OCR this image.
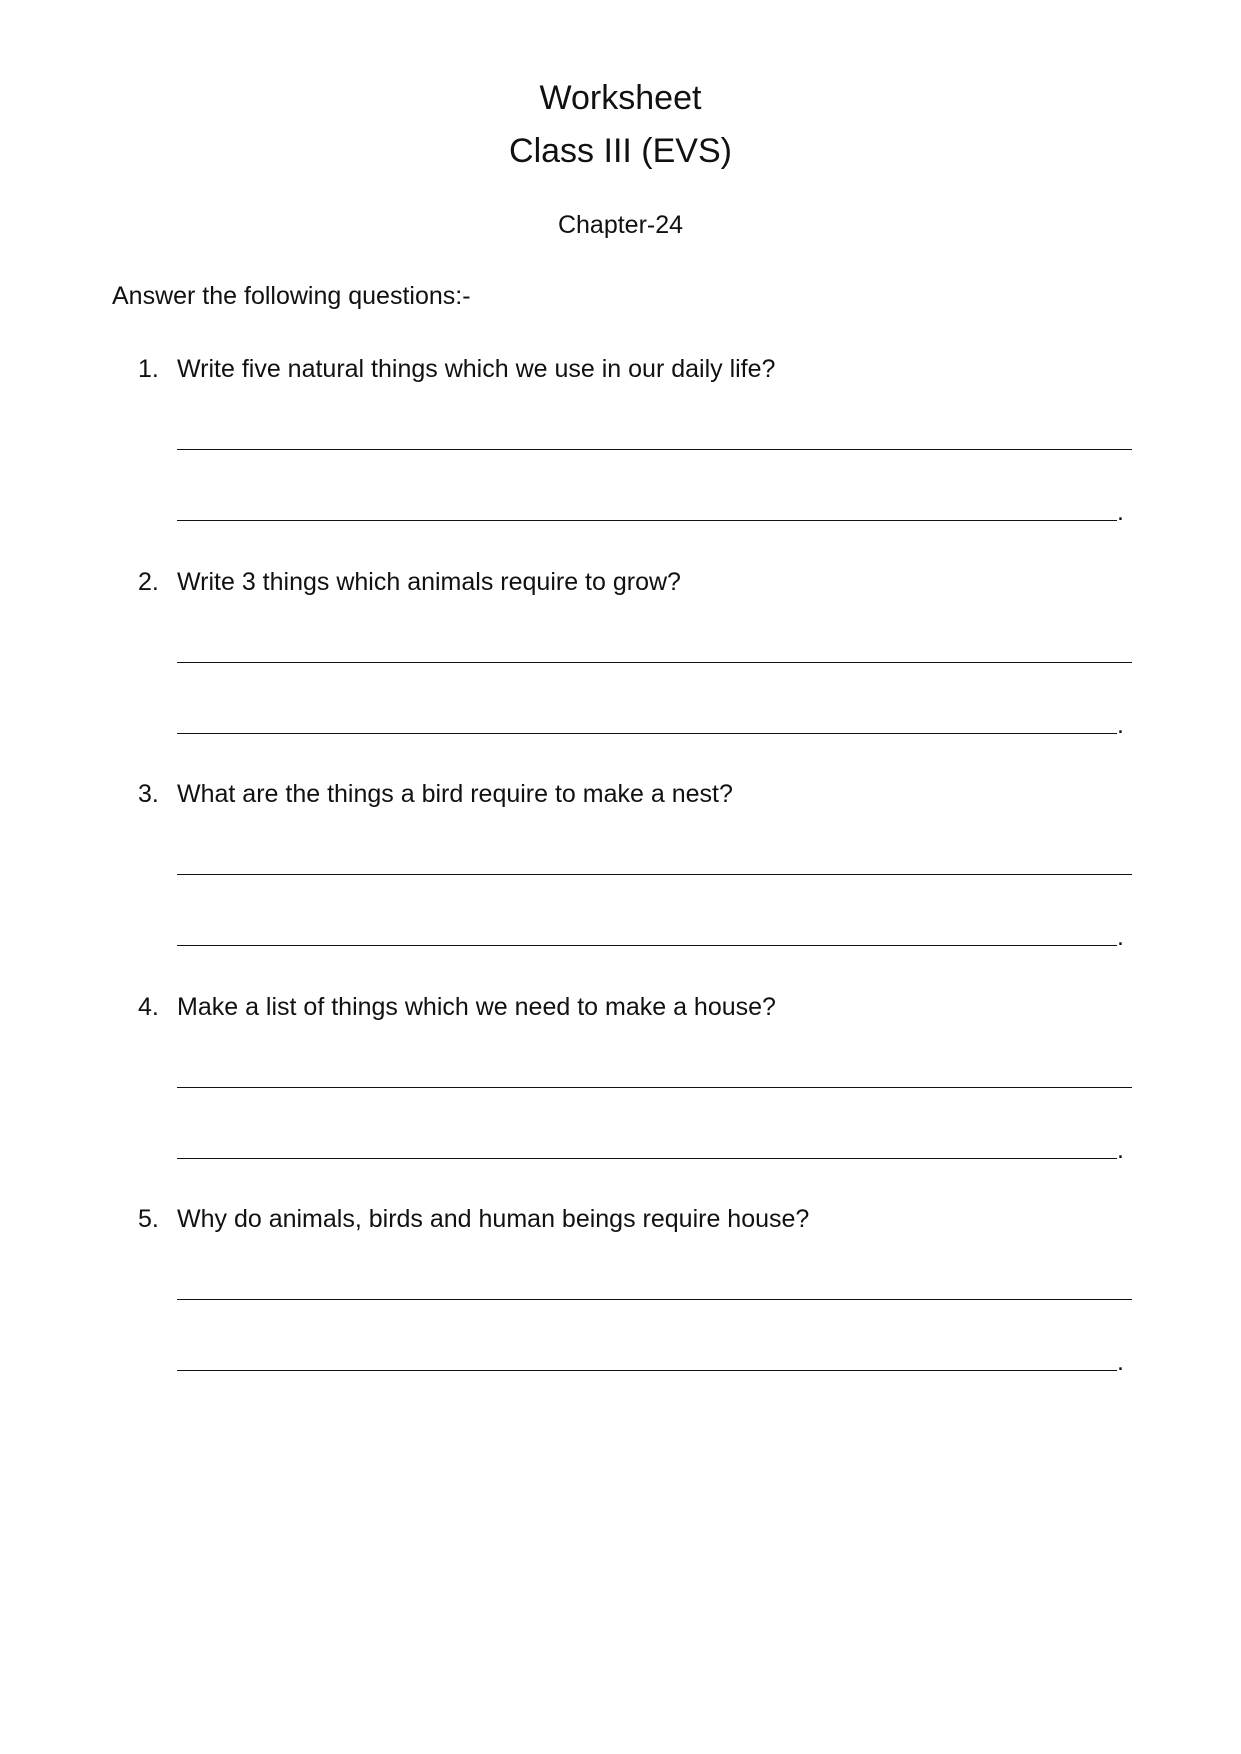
Worksheet
Class III (EVS)
Chapter-24
Answer the following questions:-
1. Write five natural things which we use in our daily life?
.
2. Write 3 things which animals require to grow?
.
3. What are the things a bird require to make a nest?
.
4. Make a list of things which we need to make a house?
.
5. Why do animals, birds and human beings require house?
.
